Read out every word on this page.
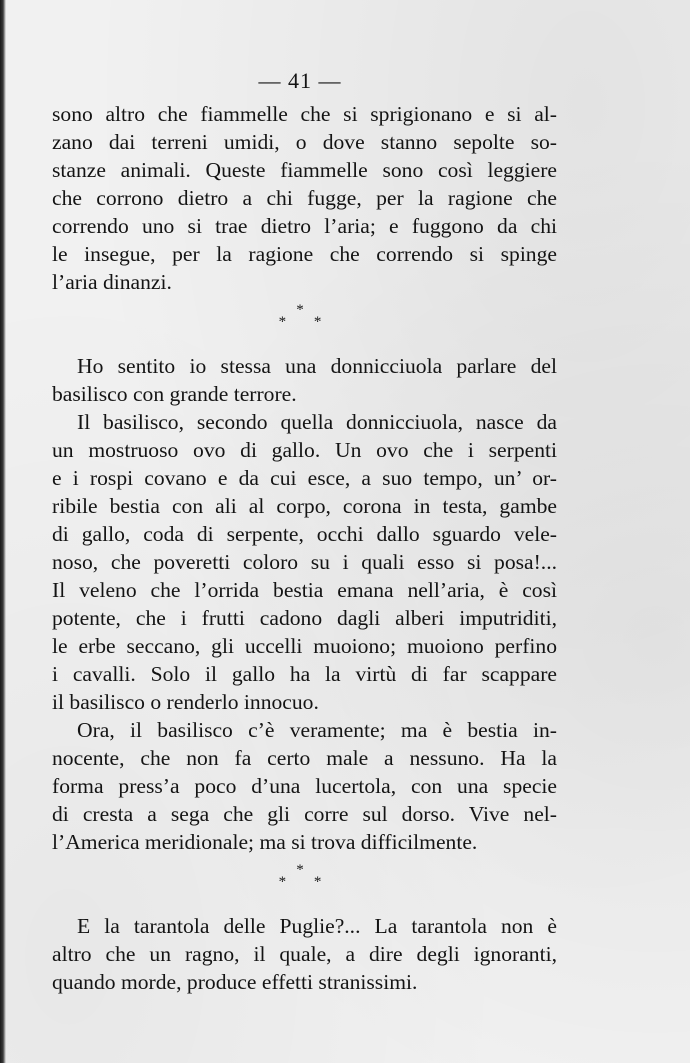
— 41 —
sono altro che fiammelle che si sprigionano e si al-
zano dai terreni umidi, o dove stanno sepolte so-
stanze animali. Queste fiammelle sono così leggiere
che corrono dietro a chi fugge, per la ragione che
correndo uno si trae dietro l’aria; e fuggono da chi
le insegue, per la ragione che correndo si spinge
l’aria dinanzi.
*
* *
Ho sentito io stessa una donnicciuola parlare del
basilisco con grande terrore.
Il basilisco, secondo quella donnicciuola, nasce da
un mostruoso ovo di gallo. Un ovo che i serpenti
e i rospi covano e da cui esce, a suo tempo, un’ or-
ribile bestia con ali al corpo, corona in testa, gambe
di gallo, coda di serpente, occhi dallo sguardo vele-
noso, che poveretti coloro su i quali esso si posa!...
Il veleno che l’orrida bestia emana nell’aria, è così
potente, che i frutti cadono dagli alberi imputriditi,
le erbe seccano, gli uccelli muoiono; muoiono perfino
i cavalli. Solo il gallo ha la virtù di far scappare
il basilisco o renderlo innocuo.
Ora, il basilisco c’è veramente; ma è bestia in-
nocente, che non fa certo male a nessuno. Ha la
forma press’a poco d’una lucertola, con una specie
di cresta a sega che gli corre sul dorso. Vive nel-
l’America meridionale; ma si trova difficilmente.
*
* *
E la tarantola delle Puglie?... La tarantola non è
altro che un ragno, il quale, a dire degli ignoranti,
quando morde, produce effetti stranissimi.
